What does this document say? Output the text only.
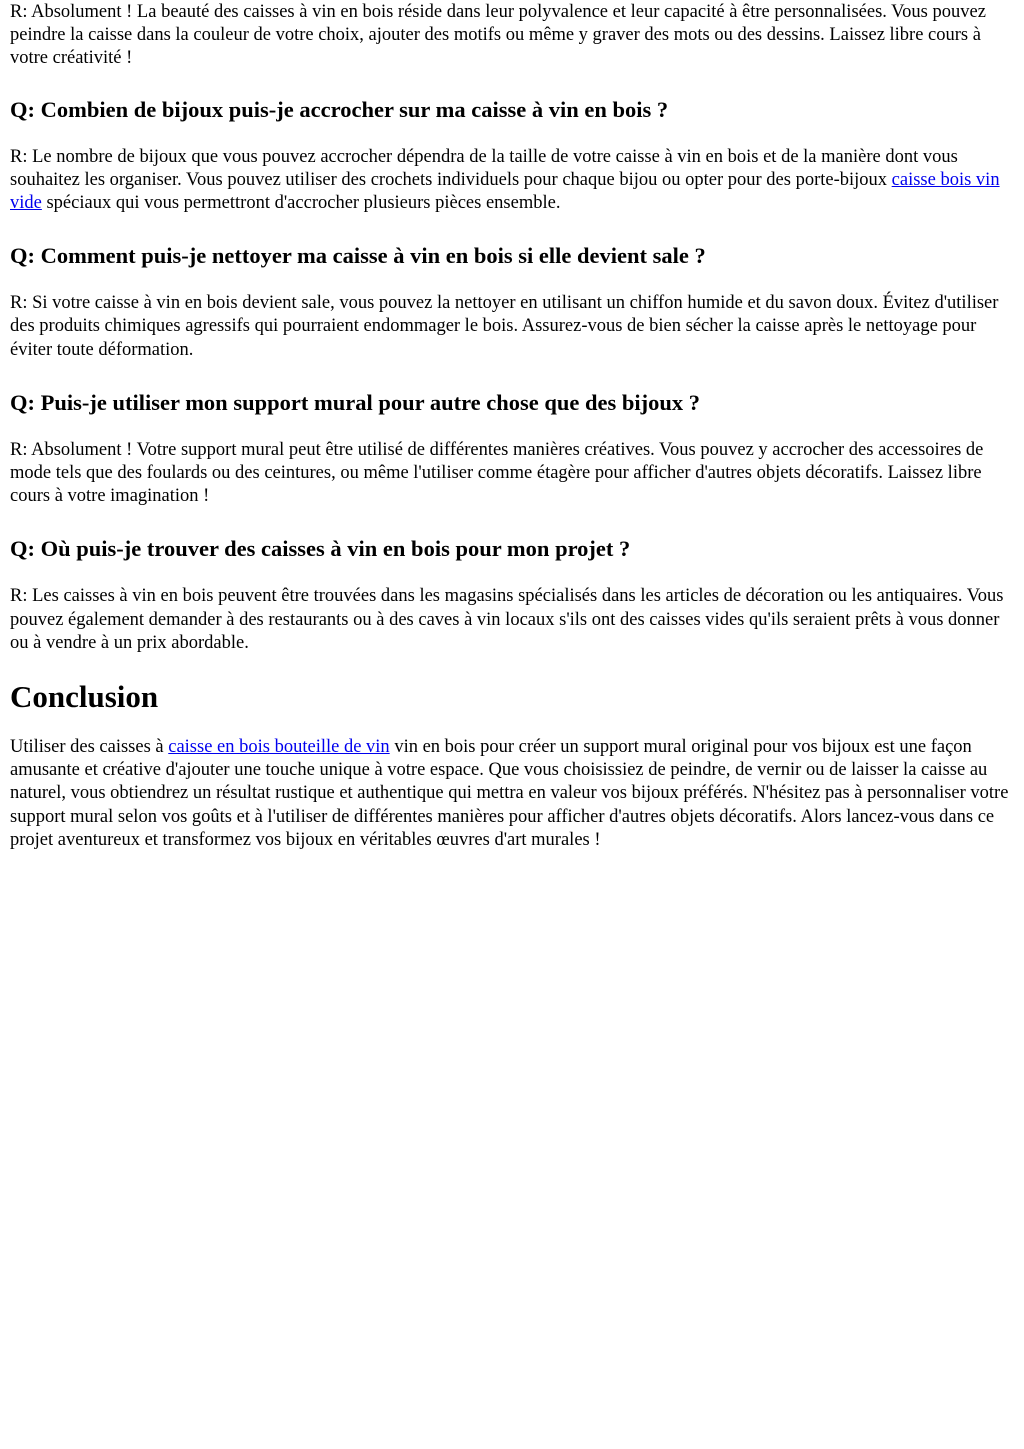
R: Absolument ! La beauté des caisses à vin en bois réside dans leur polyvalence et leur capacité à être personnalisées. Vous pouvez peindre la caisse dans la couleur de votre choix, ajouter des motifs ou même y graver des mots ou des dessins. Laissez libre cours à votre créativité !

Q: Combien de bijoux puis-je accrocher sur ma caisse à vin en bois ?

R: Le nombre de bijoux que vous pouvez accrocher dépendra de la taille de votre caisse à vin en bois et de la manière dont vous souhaitez les organiser. Vous pouvez utiliser des crochets individuels pour chaque bijou ou opter pour des porte-bijoux caisse bois vin vide spéciaux qui vous permettront d'accrocher plusieurs pièces ensemble.

Q: Comment puis-je nettoyer ma caisse à vin en bois si elle devient sale ?

R: Si votre caisse à vin en bois devient sale, vous pouvez la nettoyer en utilisant un chiffon humide et du savon doux. Évitez d'utiliser des produits chimiques agressifs qui pourraient endommager le bois. Assurez-vous de bien sécher la caisse après le nettoyage pour éviter toute déformation.

Q: Puis-je utiliser mon support mural pour autre chose que des bijoux ?

R: Absolument ! Votre support mural peut être utilisé de différentes manières créatives. Vous pouvez y accrocher des accessoires de mode tels que des foulards ou des ceintures, ou même l'utiliser comme étagère pour afficher d'autres objets décoratifs. Laissez libre cours à votre imagination !

Q: Où puis-je trouver des caisses à vin en bois pour mon projet ?

R: Les caisses à vin en bois peuvent être trouvées dans les magasins spécialisés dans les articles de décoration ou les antiquaires. Vous pouvez également demander à des restaurants ou à des caves à vin locaux s'ils ont des caisses vides qu'ils seraient prêts à vous donner ou à vendre à un prix abordable.

Conclusion

Utiliser des caisses à caisse en bois bouteille de vin vin en bois pour créer un support mural original pour vos bijoux est une façon amusante et créative d'ajouter une touche unique à votre espace. Que vous choisissiez de peindre, de vernir ou de laisser la caisse au naturel, vous obtiendrez un résultat rustique et authentique qui mettra en valeur vos bijoux préférés. N'hésitez pas à personnaliser votre support mural selon vos goûts et à l'utiliser de différentes manières pour afficher d'autres objets décoratifs. Alors lancez-vous dans ce projet aventureux et transformez vos bijoux en véritables œuvres d'art murales !
